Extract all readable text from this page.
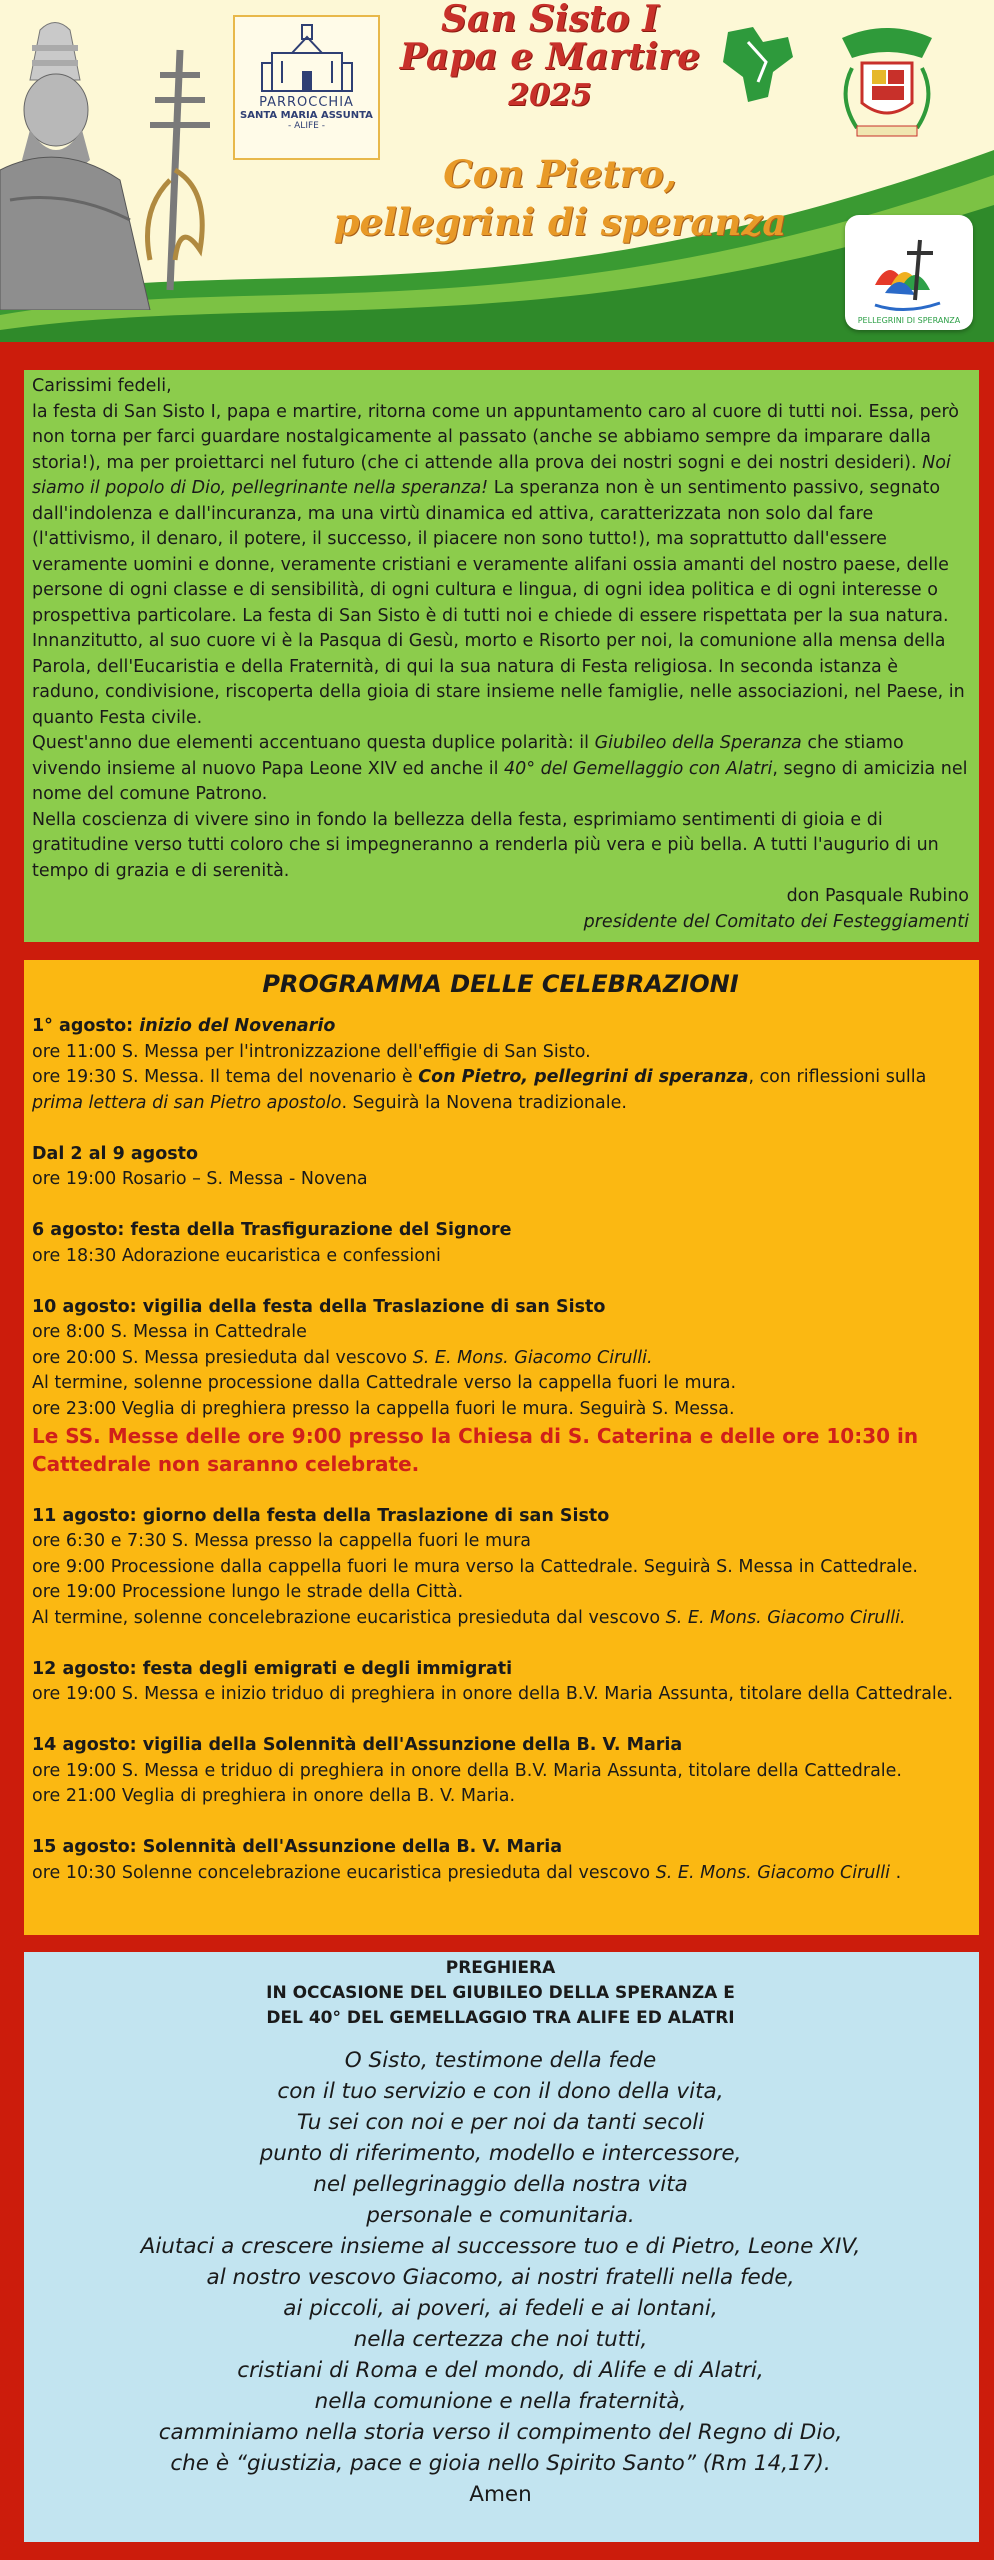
PARROCCHIA
SANTA MARIA ASSUNTA
- ALIFE -
San Sisto I
Papa e Martire
2025
Con Pietro,
pellegrini di speranza
PELLEGRINI DI SPERANZA

Carissimi fedeli,

la festa di San Sisto I, papa e martire, ritorna come un appuntamento caro al cuore di tutti noi. Essa, però non torna per farci guardare nostalgicamente al passato (anche se abbiamo sempre da imparare dalla storia!), ma per proiettarci nel futuro (che ci attende alla prova dei nostri sogni e dei nostri desideri). Noi siamo il popolo di Dio, pellegrinante nella speranza! La speranza non è un sentimento passivo, segnato dall'indolenza e dall'incuranza, ma una virtù dinamica ed attiva, caratterizzata non solo dal fare (l'attivismo, il denaro, il potere, il successo, il piacere non sono tutto!), ma soprattutto dall'essere veramente uomini e donne, veramente cristiani e veramente alifani ossia amanti del nostro paese, delle persone di ogni classe e di sensibilità, di ogni cultura e lingua, di ogni idea politica e di ogni interesse o prospettiva particolare. La festa di San Sisto è di tutti noi e chiede di essere rispettata per la sua natura. Innanzitutto, al suo cuore vi è la Pasqua di Gesù, morto e Risorto per noi, la comunione alla mensa della Parola, dell'Eucaristia e della Fraternità, di qui la sua natura di Festa religiosa. In seconda istanza è raduno, condivisione, riscoperta della gioia di stare insieme nelle famiglie, nelle associazioni, nel Paese, in quanto Festa civile.

Quest'anno due elementi accentuano questa duplice polarità: il Giubileo della Speranza che stiamo vivendo insieme al nuovo Papa Leone XIV ed anche il 40° del Gemellaggio con Alatri, segno di amicizia nel nome del comune Patrono.

Nella coscienza di vivere sino in fondo la bellezza della festa, esprimiamo sentimenti di gioia e di gratitudine verso tutti coloro che si impegneranno a renderla più vera e più bella. A tutti l'augurio di un tempo di grazia e di serenità.

don Pasquale Rubino

presidente del Comitato dei Festeggiamenti

PROGRAMMA DELLE CELEBRAZIONI
1° agosto: inizio del Novenario
ore 11:00 S. Messa per l'intronizzazione dell'effigie di San Sisto.
ore 19:30 S. Messa. Il tema del novenario è Con Pietro, pellegrini di speranza, con riflessioni sulla
prima lettera di san Pietro apostolo. Seguirà la Novena tradizionale.
Dal 2 al 9 agosto
ore 19:00 Rosario – S. Messa - Novena
6 agosto: festa della Trasfigurazione del Signore
ore 18:30 Adorazione eucaristica e confessioni
10 agosto: vigilia della festa della Traslazione di san Sisto
ore 8:00 S. Messa in Cattedrale
ore 20:00 S. Messa presieduta dal vescovo S. E. Mons. Giacomo Cirulli.
Al termine, solenne processione dalla Cattedrale verso la cappella fuori le mura.
ore 23:00 Veglia di preghiera presso la cappella fuori le mura. Seguirà S. Messa.
Le SS. Messe delle ore 9:00 presso la Chiesa di S. Caterina e delle ore 10:30 in Cattedrale non saranno celebrate.
11 agosto: giorno della festa della Traslazione di san Sisto
ore 6:30 e 7:30 S. Messa presso la cappella fuori le mura
ore 9:00 Processione dalla cappella fuori le mura verso la Cattedrale. Seguirà S. Messa in Cattedrale.
ore 19:00 Processione lungo le strade della Città.
Al termine, solenne concelebrazione eucaristica presieduta dal vescovo S. E. Mons. Giacomo Cirulli.
12 agosto: festa degli emigrati e degli immigrati
ore 19:00 S. Messa e inizio triduo di preghiera in onore della B.V. Maria Assunta, titolare della Cattedrale.
14 agosto: vigilia della Solennità dell'Assunzione della B. V. Maria
ore 19:00 S. Messa e triduo di preghiera in onore della B.V. Maria Assunta, titolare della Cattedrale.
ore 21:00 Veglia di preghiera in onore della B. V. Maria.
15 agosto: Solennità dell'Assunzione della B. V. Maria
ore 10:30 Solenne concelebrazione eucaristica presieduta dal vescovo S. E. Mons. Giacomo Cirulli .
PREGHIERA
IN OCCASIONE DEL GIUBILEO DELLA SPERANZA E
DEL 40° DEL GEMELLAGGIO TRA ALIFE ED ALATRI
O Sisto, testimone della fede
con il tuo servizio e con il dono della vita,
Tu sei con noi e per noi da tanti secoli
punto di riferimento, modello e intercessore,
nel pellegrinaggio della nostra vita
personale e comunitaria.
Aiutaci a crescere insieme al successore tuo e di Pietro, Leone XIV,
al nostro vescovo Giacomo, ai nostri fratelli nella fede,
ai piccoli, ai poveri, ai fedeli e ai lontani,
nella certezza che noi tutti,
cristiani di Roma e del mondo, di Alife e di Alatri,
nella comunione e nella fraternità,
camminiamo nella storia verso il compimento del Regno di Dio,
che è “giustizia, pace e gioia nello Spirito Santo” (Rm 14,17).
Amen
